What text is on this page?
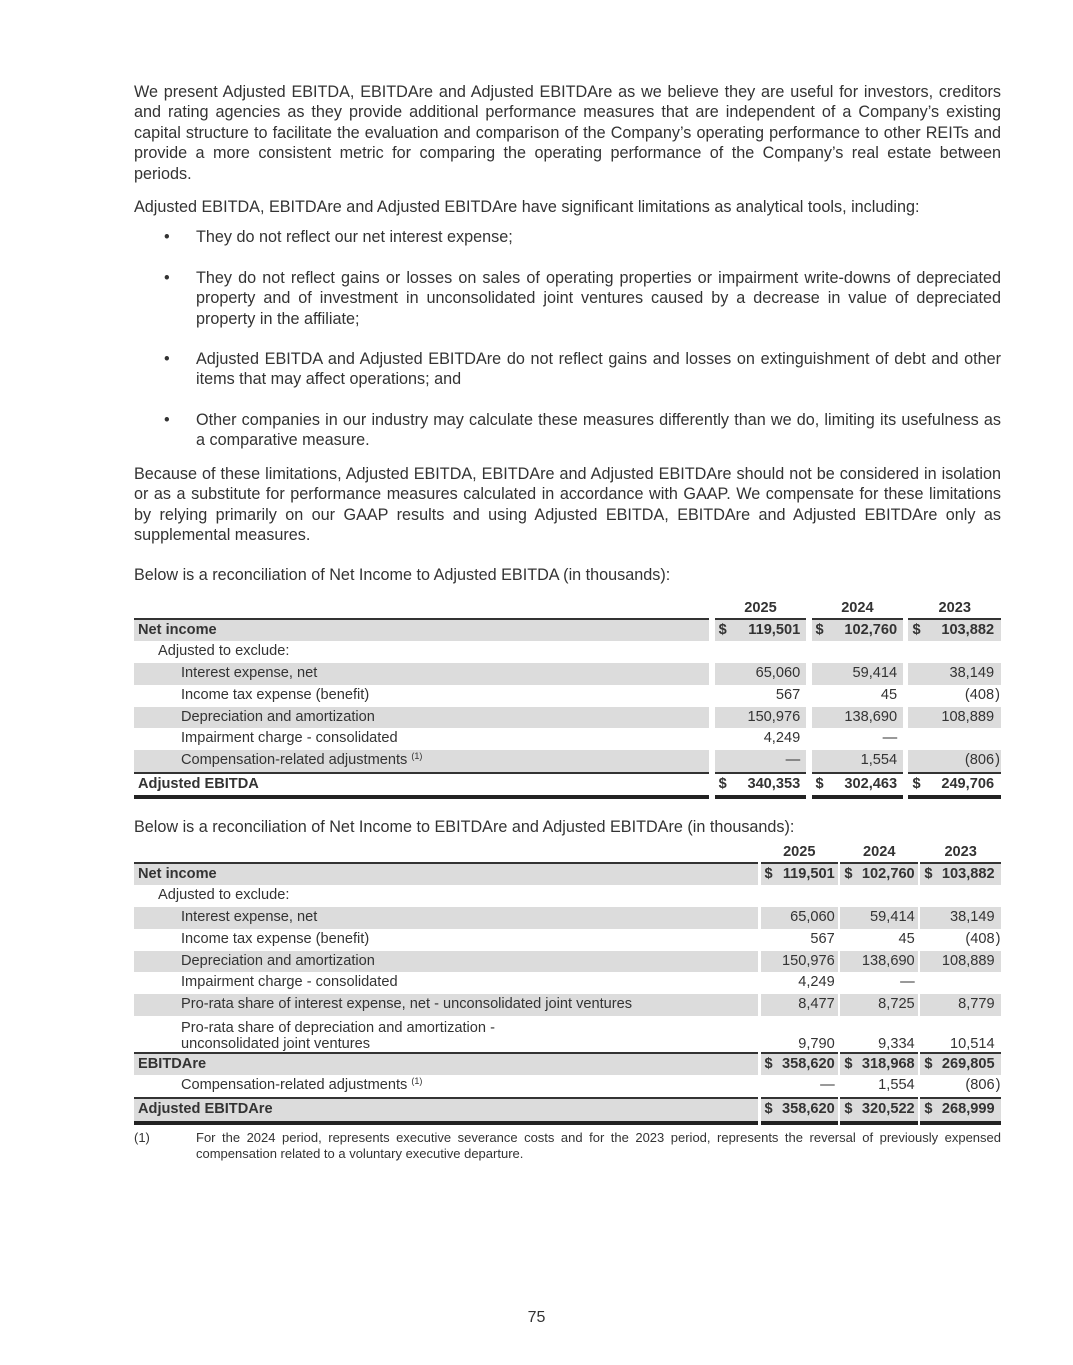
We present Adjusted EBITDA, EBITDAre and Adjusted EBITDAre as we believe they are useful for investors, creditors and rating agencies as they provide additional performance measures that are independent of a Company’s existing capital structure to facilitate the evaluation and comparison of the Company’s operating performance to other REITs and provide a more consistent metric for comparing the operating performance of the Company’s real estate between periods.

Adjusted EBITDA, EBITDAre and Adjusted EBITDAre have significant limitations as analytical tools, including:

• They do not reflect our net interest expense;
• They do not reflect gains or losses on sales of operating properties or impairment write-downs of depreciated property and of investment in unconsolidated joint ventures caused by a decrease in value of depreciated property in the affiliate;
• Adjusted EBITDA and Adjusted EBITDAre do not reflect gains and losses on extinguishment of debt and other items that may affect operations; and
• Other companies in our industry may calculate these measures differently than we do, limiting its usefulness as a comparative measure.

Because of these limitations, Adjusted EBITDA, EBITDAre and Adjusted EBITDAre should not be considered in isolation or as a substitute for performance measures calculated in accordance with GAAP. We compensate for these limitations by relying primarily on our GAAP results and using Adjusted EBITDA, EBITDAre and Adjusted EBITDAre only as supplemental measures.

Below is a reconciliation of Net Income to Adjusted EBITDA (in thousands):

		2025				2024				2023		
Net income		$	119,501			$	102,760			$	103,882	
Adjusted to exclude:												
Interest expense, net			65,060				59,414				38,149	
Income tax expense (benefit)			567				45				(408	)
Depreciation and amortization			150,976				138,690				108,889	
Impairment charge - consolidated			4,249				—					
Compensation-related adjustments $^{(1)}$			—				1,554				(806	)
Adjusted EBITDA		$	340,353			$	302,463			$	249,706	

Below is a reconciliation of Net Income to EBITDAre and Adjusted EBITDAre (in thousands):

		2025				2024				2023		
Net income		$	119,501			$	102,760			$	103,882	
Adjusted to exclude:												
Interest expense, net			65,060				59,414				38,149	
Income tax expense (benefit)			567				45				(408	)
Depreciation and amortization			150,976				138,690				108,889	
Impairment charge - consolidated			4,249				—					
Pro-rata share of interest expense, net - unconsolidated joint ventures			8,477				8,725				8,779	
Pro-rata share of depreciation and amortization - unconsolidated joint ventures			9,790				9,334				10,514	
EBITDAre		$	358,620			$	318,968			$	269,805	
Compensation-related adjustments $^{(1)}$			—				1,554				(806	)
Adjusted EBITDAre		$	358,620			$	320,522			$	268,999	
(1)	For the 2024 period, represents executive severance costs and for the 2023 period, represents the reversal of previously expensed compensation related to a voluntary executive departure.
75
